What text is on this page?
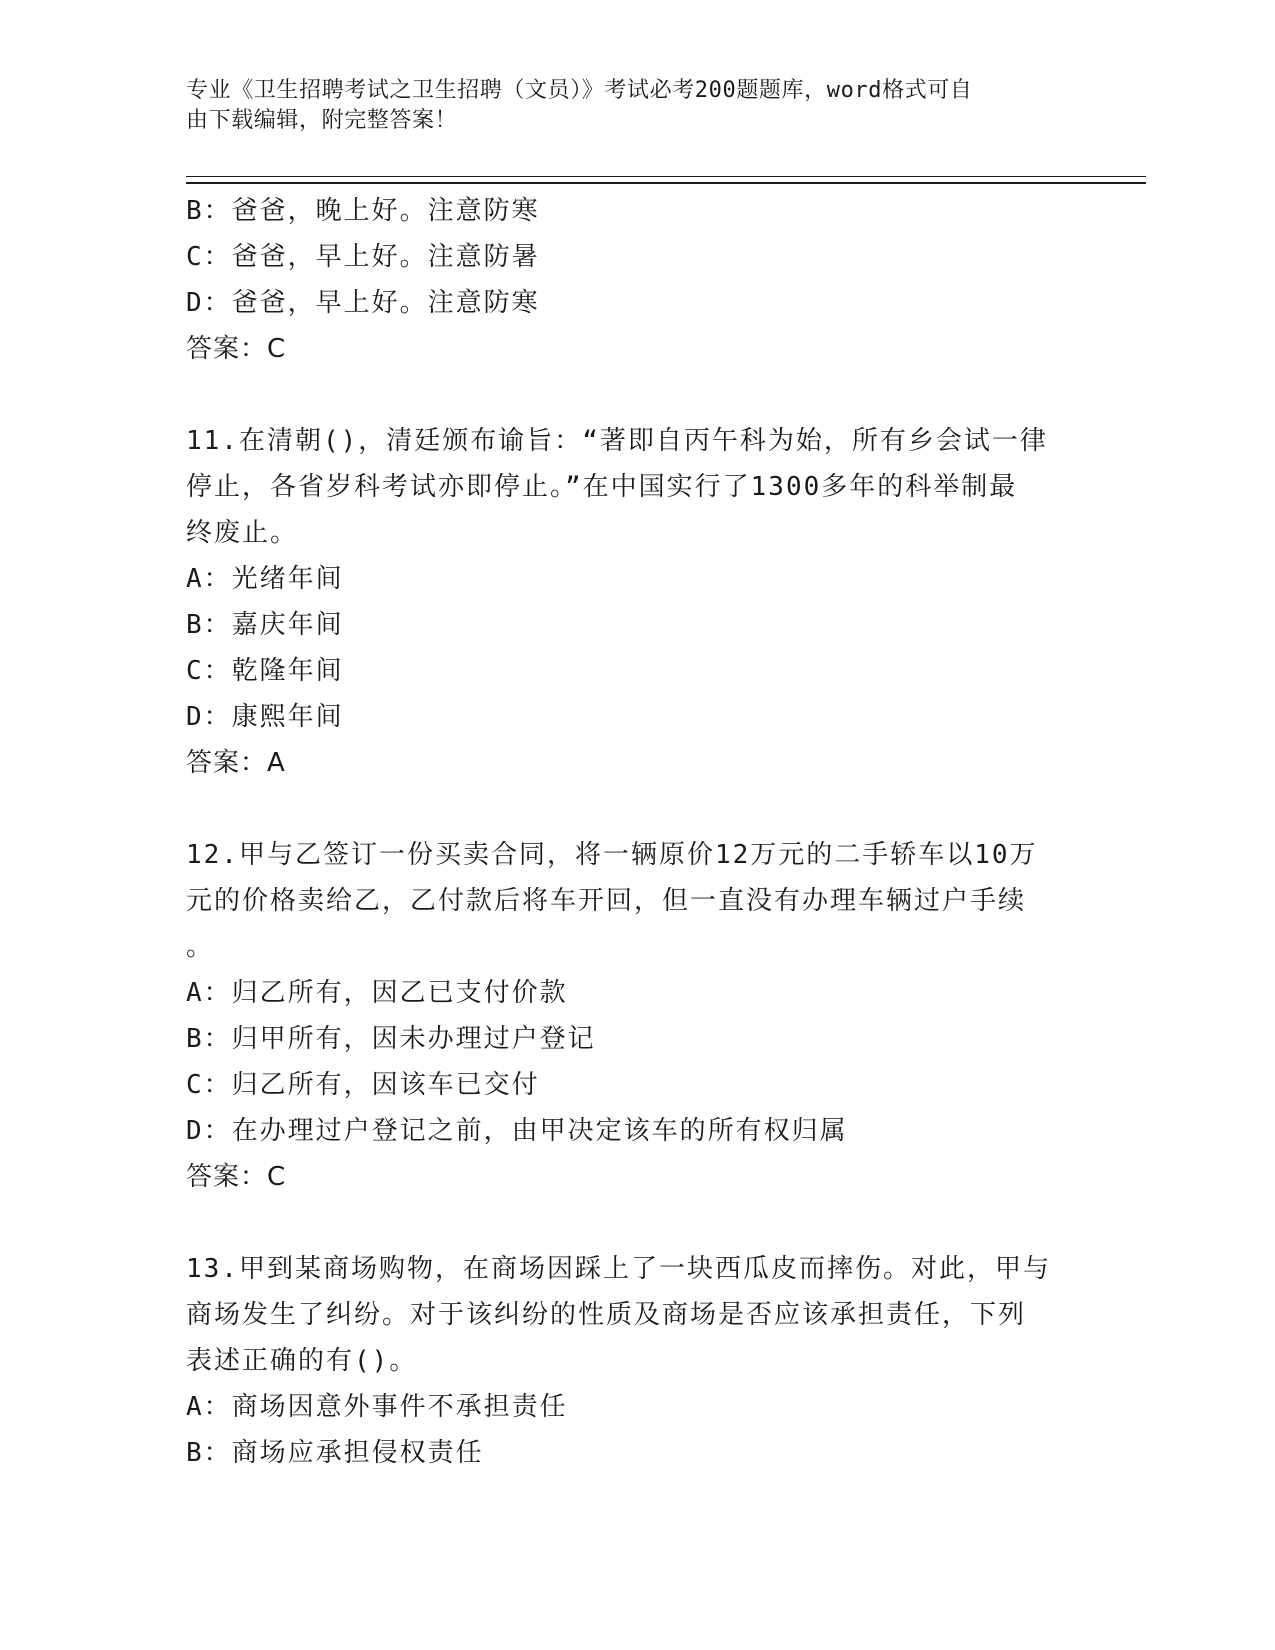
专业《卫生招聘考试之卫生招聘（文员）》考试必考200题题库，word格式可自
由下载编辑，附完整答案！

B：爸爸，晚上好。注意防寒

C：爸爸，早上好。注意防暑

D：爸爸，早上好。注意防寒

答案：C

11.在清朝()，清廷颁布谕旨：“著即自丙午科为始，所有乡会试一律

停止，各省岁科考试亦即停止。”在中国实行了1300多年的科举制最

终废止。

A：光绪年间

B：嘉庆年间

C：乾隆年间

D：康熙年间

答案：A

12.甲与乙签订一份买卖合同，将一辆原价12万元的二手轿车以10万

元的价格卖给乙，乙付款后将车开回，但一直没有办理车辆过户手续

。

A：归乙所有，因乙已支付价款

B：归甲所有，因未办理过户登记

C：归乙所有，因该车已交付

D：在办理过户登记之前，由甲决定该车的所有权归属

答案：C

13.甲到某商场购物，在商场因踩上了一块西瓜皮而摔伤。对此，甲与

商场发生了纠纷。对于该纠纷的性质及商场是否应该承担责任，下列

表述正确的有()。

A：商场因意外事件不承担责任

B：商场应承担侵权责任
